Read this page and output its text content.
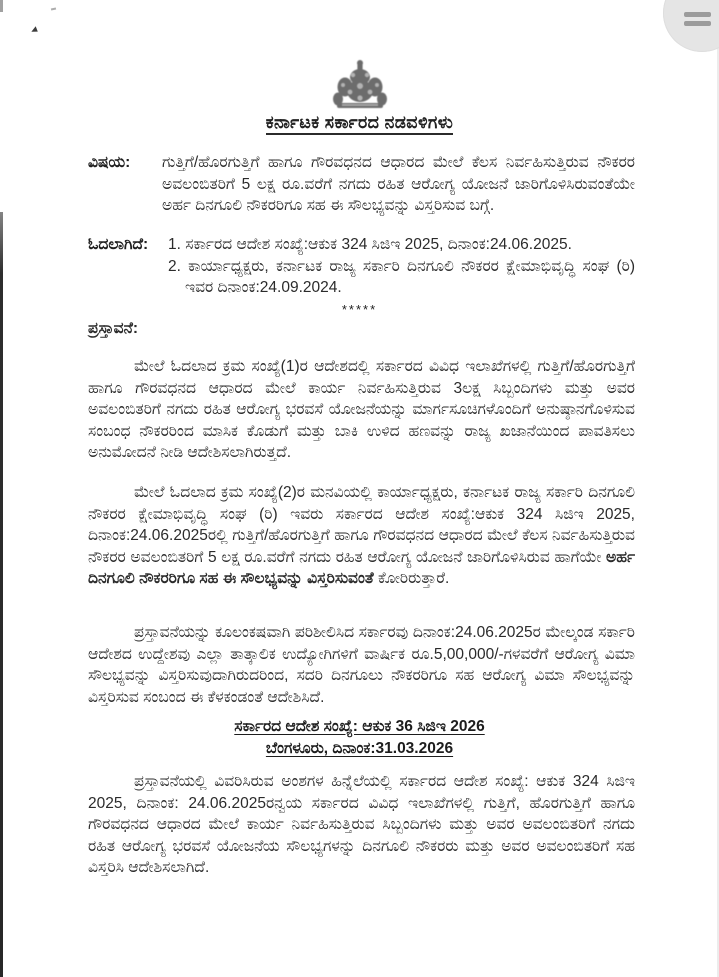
ಕರ್ನಾಟಕ ಸರ್ಕಾರದ ನಡವಳಿಗಳು
ವಿಷಯ:	ಗುತ್ತಿಗೆ/ಹೊರಗುತ್ತಿಗೆ ಹಾಗೂ ಗೌರವಧನದ ಆಧಾರದ ಮೇಲೆ ಕೆಲಸ ನಿರ್ವಹಿಸುತ್ತಿರುವ ನೌಕರರ ಅವಲಂಬಿತರಿಗೆ 5 ಲಕ್ಷ ರೂ.ವರೆಗೆ ನಗದು ರಹಿತ ಆರೋಗ್ಯ ಯೋಜನೆ ಜಾರಿಗೊಳಿಸಿರುವಂತೆಯೇ ಅರ್ಹ ದಿನಗೂಲಿ ನೌಕರರಿಗೂ ಸಹ ಈ ಸೌಲಭ್ಯವನ್ನು ವಿಸ್ತರಿಸುವ ಬಗ್ಗೆ.
ಓದಲಾಗಿದೆ:	1. ಸರ್ಕಾರದ ಆದೇಶ ಸಂಖ್ಯೆ:ಆಕುಕ 324 ಸಿಜಿಇ 2025, ದಿನಾಂಕ:24.06.2025.
2. ಕಾರ್ಯಾಧ್ಯಕ್ಷರು, ಕರ್ನಾಟಕ ರಾಜ್ಯ ಸರ್ಕಾರಿ ದಿನಗೂಲಿ ನೌಕರರ ಕ್ಷೇಮಾಭಿವೃದ್ಧಿ ಸಂಘ (ರಿ) ಇವರ ದಿನಾಂಕ:24.09.2024.
*****
ಪ್ರಸ್ತಾವನೆ:
ಮೇಲೆ ಓದಲಾದ ಕ್ರಮ ಸಂಖ್ಯೆ(1)ರ ಆದೇಶದಲ್ಲಿ ಸರ್ಕಾರದ ವಿವಿಧ ಇಲಾಖೆಗಳಲ್ಲಿ ಗುತ್ತಿಗೆ/ಹೊರಗುತ್ತಿಗೆ ಹಾಗೂ ಗೌರವಧನದ ಆಧಾರದ ಮೇಲೆ ಕಾರ್ಯ ನಿರ್ವಹಿಸುತ್ತಿರುವ 3ಲಕ್ಷ ಸಿಬ್ಬಂದಿಗಳು ಮತ್ತು ಅವರ ಅವಲಂಬಿತರಿಗೆ ನಗದು ರಹಿತ ಆರೋಗ್ಯ ಭರವಸೆ ಯೋಜನೆಯನ್ನು ಮಾರ್ಗಸೂಚಿಗಳೊಂದಿಗೆ ಅನುಷ್ಠಾನಗೊಳಿಸುವ ಸಂಬಂಧ ನೌಕರರಿಂದ ಮಾಸಿಕ ಕೊಡುಗೆ ಮತ್ತು ಬಾಕಿ ಉಳಿದ ಹಣವನ್ನು ರಾಜ್ಯ ಖಜಾನೆಯಿಂದ ಪಾವತಿಸಲು ಅನುಮೋದನೆ ನೀಡಿ ಆದೇಶಿಸಲಾಗಿರುತ್ತದೆ.
ಮೇಲೆ ಓದಲಾದ ಕ್ರಮ ಸಂಖ್ಯೆ(2)ರ ಮನವಿಯಲ್ಲಿ ಕಾರ್ಯಾಧ್ಯಕ್ಷರು, ಕರ್ನಾಟಕ ರಾಜ್ಯ ಸರ್ಕಾರಿ ದಿನಗೂಲಿ ನೌಕರರ ಕ್ಷೇಮಾಭಿವೃದ್ಧಿ ಸಂಘ (ರಿ) ಇವರು ಸರ್ಕಾರದ ಆದೇಶ ಸಂಖ್ಯೆ:ಆಕುಕ 324 ಸಿಜಿಇ 2025, ದಿನಾಂಕ:24.06.2025ರಲ್ಲಿ ಗುತ್ತಿಗೆ/ಹೊರಗುತ್ತಿಗೆ ಹಾಗೂ ಗೌರವಧನದ ಆಧಾರದ ಮೇಲೆ ಕೆಲಸ ನಿರ್ವಹಿಸುತ್ತಿರುವ ನೌಕರರ ಅವಲಂಬಿತರಿಗೆ 5 ಲಕ್ಷ ರೂ.ವರೆಗೆ ನಗದು ರಹಿತ ಆರೋಗ್ಯ ಯೋಜನೆ ಜಾರಿಗೊಳಿಸಿರುವ ಹಾಗೆಯೇ ಅರ್ಹ ದಿನಗೂಲಿ ನೌಕರರಿಗೂ ಸಹ ಈ ಸೌಲಭ್ಯವನ್ನು ವಿಸ್ತರಿಸುವಂತೆ ಕೋರಿರುತ್ತಾರೆ.
ಪ್ರಸ್ತಾವನೆಯನ್ನು ಕೂಲಂಕಷವಾಗಿ ಪರಿಶೀಲಿಸಿದ ಸರ್ಕಾರವು ದಿನಾಂಕ:24.06.2025ರ ಮೇಲ್ಕಂಡ ಸರ್ಕಾರಿ ಆದೇಶದ ಉದ್ದೇಶವು ಎಲ್ಲಾ ತಾತ್ಕಾಲಿಕ ಉದ್ಯೋಗಿಗಳಿಗೆ ವಾರ್ಷಿಕ ರೂ.5,00,000/-ಗಳವರೆಗೆ ಆರೋಗ್ಯ ವಿಮಾ ಸೌಲಭ್ಯವನ್ನು ವಿಸ್ತರಿಸುವುದಾಗಿರುದರಿಂದ, ಸದರಿ ದಿನಗೂಲು ನೌಕರರಿಗೂ ಸಹ ಆರೋಗ್ಯ ವಿಮಾ ಸೌಲಭ್ಯವನ್ನು ವಿಸ್ತರಿಸುವ ಸಂಬಂದ ಈ ಕೆಳಕಂಡಂತೆ ಆದೇಶಿಸಿದೆ.
ಸರ್ಕಾರದ ಆದೇಶ ಸಂಖ್ಯೆ: ಆಕುಕ 36 ಸಿಜಿಇ 2026
ಬೆಂಗಳೂರು, ದಿನಾಂಕ:31.03.2026
ಪ್ರಸ್ತಾವನೆಯಲ್ಲಿ ವಿವರಿಸಿರುವ ಅಂಶಗಳ ಹಿನ್ನೆಲೆಯಲ್ಲಿ ಸರ್ಕಾರದ ಆದೇಶ ಸಂಖ್ಯೆ: ಆಕುಕ 324 ಸಿಜಿಇ 2025, ದಿನಾಂಕ: 24.06.2025ರನ್ವಯ ಸರ್ಕಾರದ ವಿವಿಧ ಇಲಾಖೆಗಳಲ್ಲಿ ಗುತ್ತಿಗೆ, ಹೊರಗುತ್ತಿಗೆ ಹಾಗೂ ಗೌರವಧನದ ಆಧಾರದ ಮೇಲೆ ಕಾರ್ಯ ನಿರ್ವಹಿಸುತ್ತಿರುವ ಸಿಬ್ಬಂದಿಗಳು ಮತ್ತು ಅವರ ಅವಲಂಬಿತರಿಗೆ ನಗದು ರಹಿತ ಆರೋಗ್ಯ ಭರವಸೆ ಯೋಜನೆಯ ಸೌಲಭ್ಯಗಳನ್ನು ದಿನಗೂಲಿ ನೌಕರರು ಮತ್ತು ಅವರ ಅವಲಂಬಿತರಿಗೆ ಸಹ ವಿಸ್ತರಿಸಿ ಆದೇಶಿಸಲಾಗಿದೆ.
